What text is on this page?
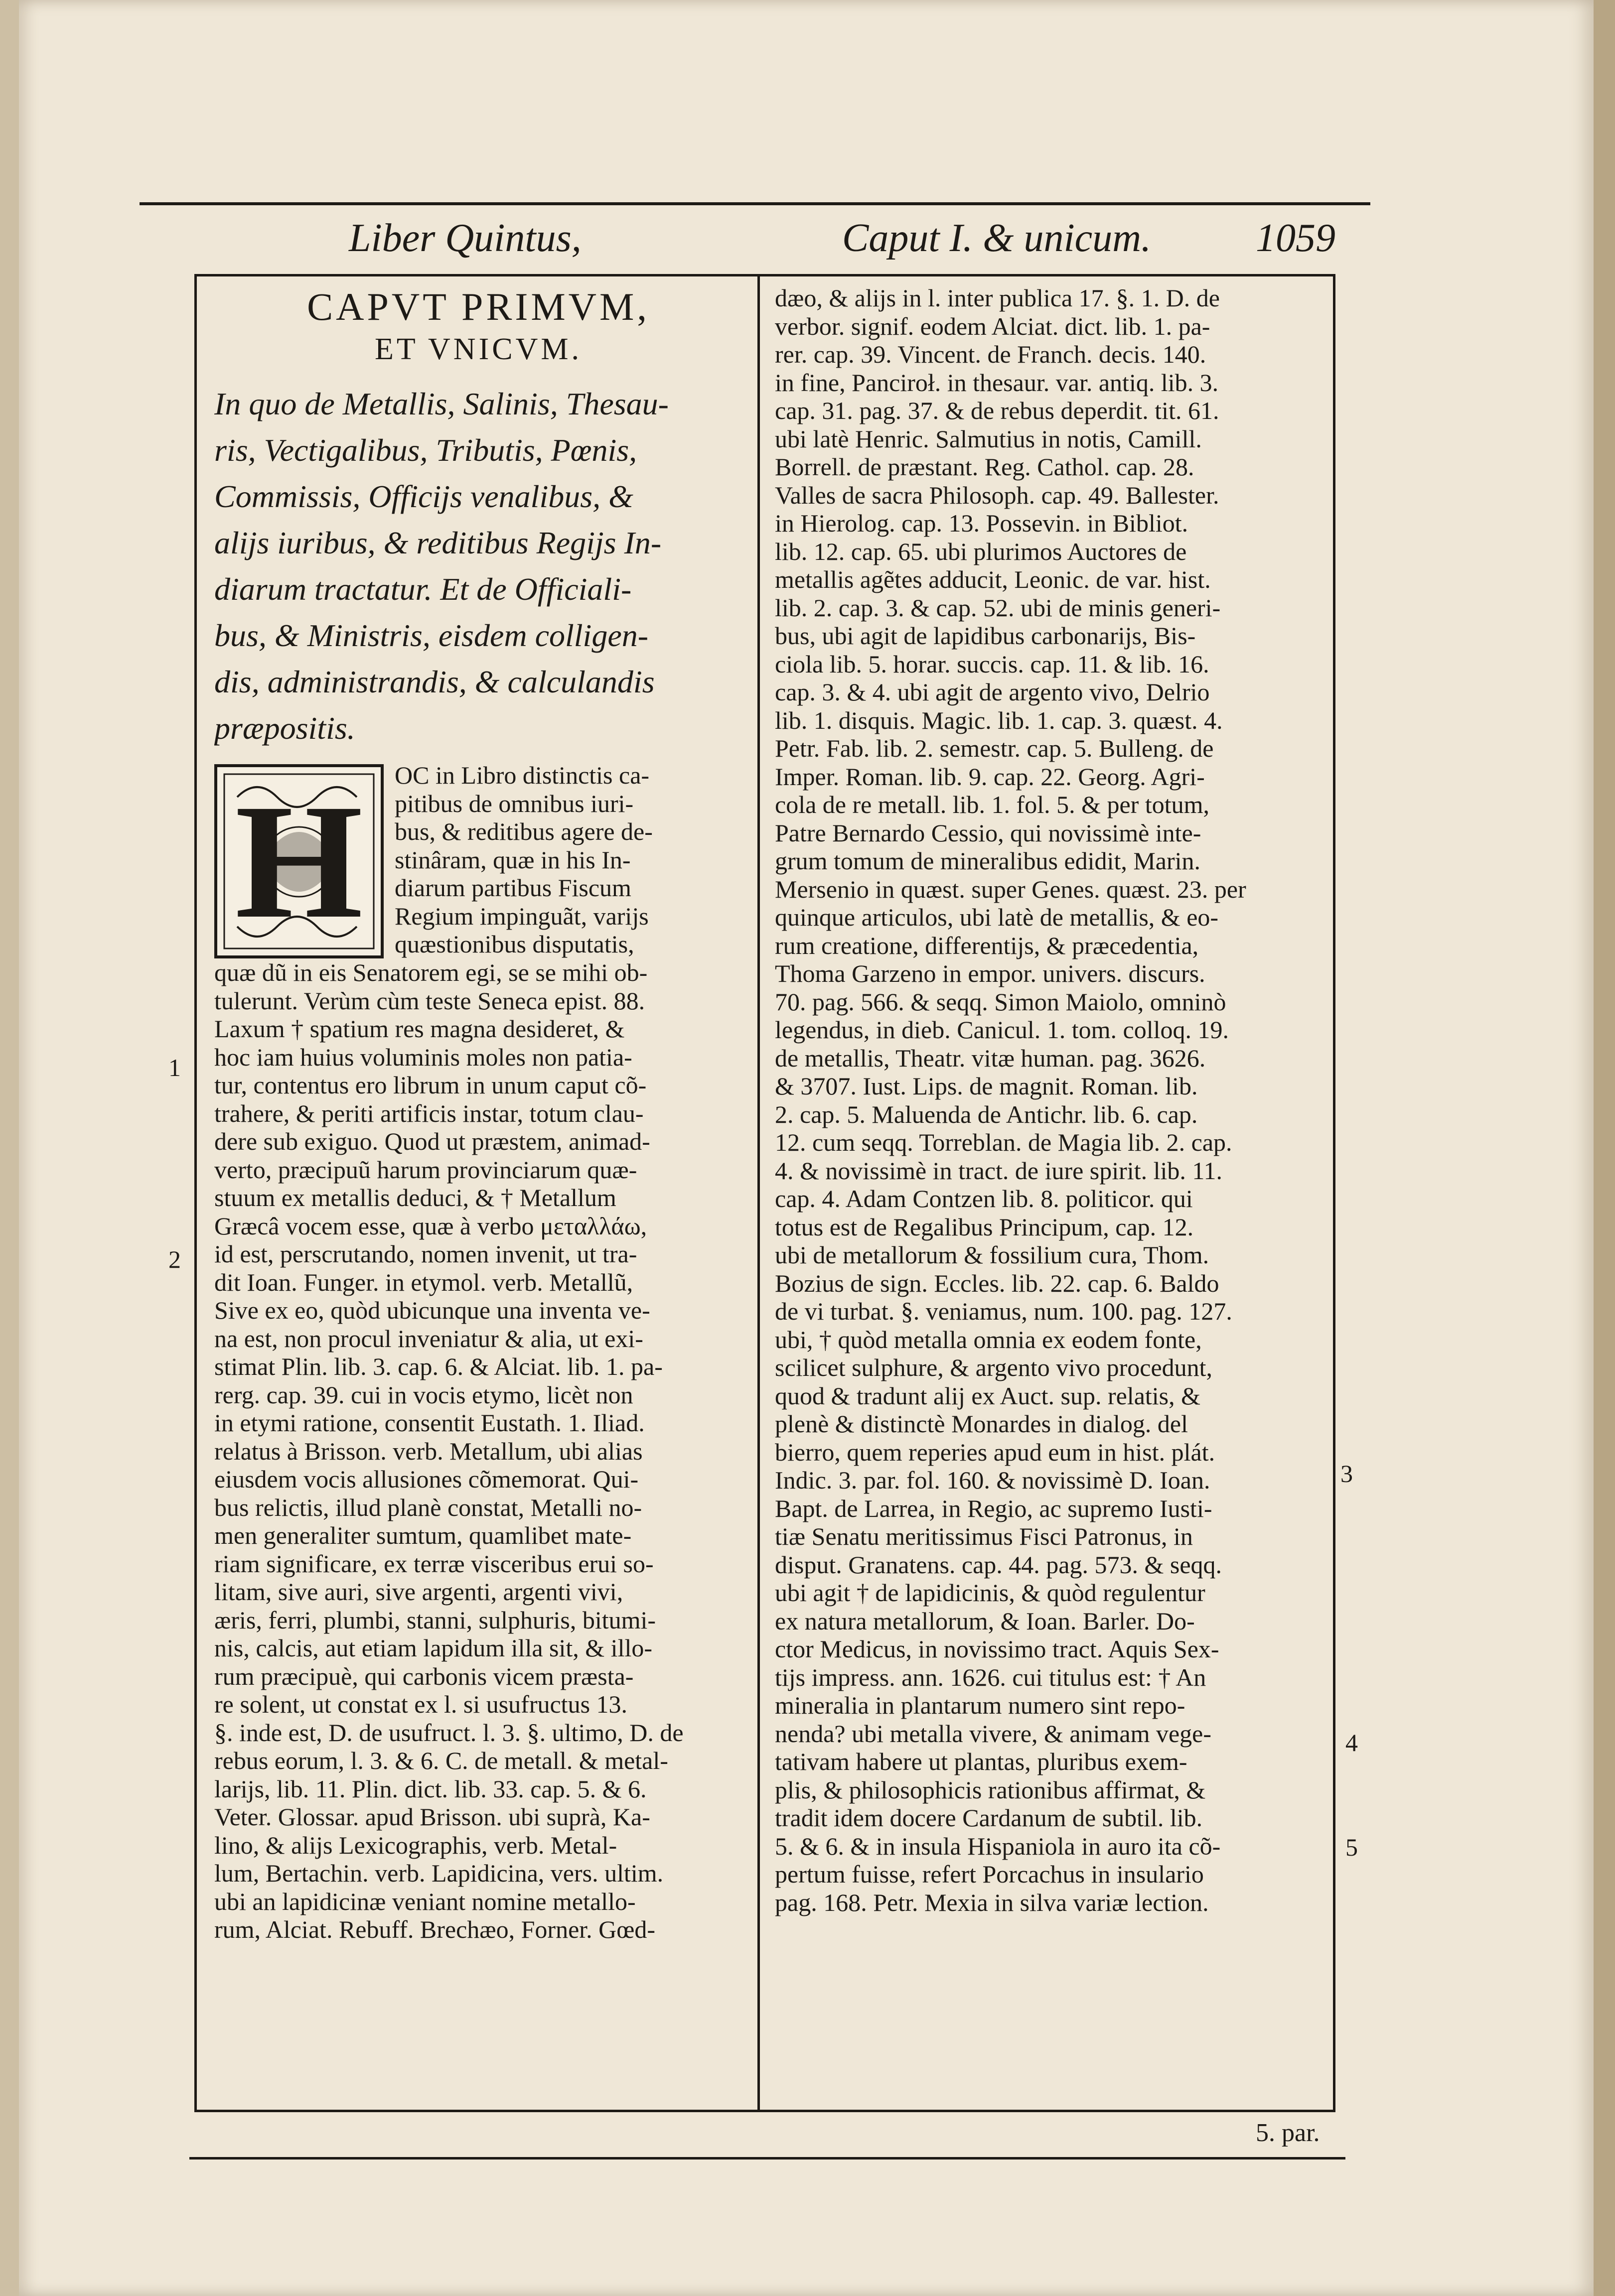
Liber Quintus,	Caput I. & unicum.	1059
CAPVT PRIMVM,
ET VNICVM.
In quo de Metallis, Salinis, Thesau-
ris, Vectigalibus, Tributis, Pœnis,
Commissis, Officijs venalibus, &
alijs iuribus, & reditibus Regijs In-
diarum tractatur. Et de Officiali-
bus, & Ministris, eisdem colligen-
dis, administrandis, & calculandis
præpositis.
H OC in Libro distinctis ca-
pitibus de omnibus iuri-
bus, & reditibus agere de-
stinâram, quæ in his In-
diarum partibus Fiscum
Regium impinguãt, varijs
quæstionibus disputatis,
quæ dũ in eis Senatorem egi, se se mihi ob-
tulerunt. Verùm cùm teste Seneca epist. 88.
Laxum † spatium res magna desideret, &
hoc iam huius voluminis moles non patia-
tur, contentus ero librum in unum caput cõ-
trahere, & periti artificis instar, totum clau-
dere sub exiguo. Quod ut præstem, animad-
verto, præcipuũ harum provinciarum quæ-
stuum ex metallis deduci, & † Metallum
Græcâ vocem esse, quæ à verbo μεταλλάω,
id est, perscrutando, nomen invenit, ut tra-
dit Ioan. Funger. in etymol. verb. Metallũ,
Sive ex eo, quòd ubicunque una inventa ve-
na est, non procul inveniatur & alia, ut exi-
stimat Plin. lib. 3. cap. 6. & Alciat. lib. 1. pa-
rerg. cap. 39. cui in vocis etymo, licèt non
in etymi ratione, consentit Eustath. 1. Iliad.
relatus à Brisson. verb. Metallum, ubi alias
eiusdem vocis allusiones cõmemorat. Qui-
bus relictis, illud planè constat, Metalli no-
men generaliter sumtum, quamlibet mate-
riam significare, ex terræ visceribus erui so-
litam, sive auri, sive argenti, argenti vivi,
æris, ferri, plumbi, stanni, sulphuris, bitumi-
nis, calcis, aut etiam lapidum illa sit, & illo-
rum præcipuè, qui carbonis vicem præsta-
re solent, ut constat ex l. si usufructus 13.
§. inde est, D. de usufruct. l. 3. §. ultimo, D. de
rebus eorum, l. 3. & 6. C. de metall. & metal-
larijs, lib. 11. Plin. dict. lib. 33. cap. 5. & 6.
Veter. Glossar. apud Brisson. ubi suprà, Ka-
lino, & alijs Lexicographis, verb. Metal-
lum, Bertachin. verb. Lapidicina, vers. ultim.
ubi an lapidicinæ veniant nomine metallo-
rum, Alciat. Rebuff. Brechæo, Forner. Gœd-
dæo, & alijs in l. inter publica 17. §. 1. D. de
verbor. signif. eodem Alciat. dict. lib. 1. pa-
rer. cap. 39. Vincent. de Franch. decis. 140.
in fine, Panciroł. in thesaur. var. antiq. lib. 3.
cap. 31. pag. 37. & de rebus deperdit. tit. 61.
ubi latè Henric. Salmutius in notis, Camill.
Borrell. de præstant. Reg. Cathol. cap. 28.
Valles de sacra Philosoph. cap. 49. Ballester.
in Hierolog. cap. 13. Possevin. in Bibliot.
lib. 12. cap. 65. ubi plurimos Auctores de
metallis agẽtes adducit, Leonic. de var. hist.
lib. 2. cap. 3. & cap. 52. ubi de minis generi-
bus, ubi agit de lapidibus carbonarijs, Bis-
ciola lib. 5. horar. succis. cap. 11. & lib. 16.
cap. 3. & 4. ubi agit de argento vivo, Delrio
lib. 1. disquis. Magic. lib. 1. cap. 3. quæst. 4.
Petr. Fab. lib. 2. semestr. cap. 5. Bulleng. de
Imper. Roman. lib. 9. cap. 22. Georg. Agri-
cola de re metall. lib. 1. fol. 5. & per totum,
Patre Bernardo Cessio, qui novissimè inte-
grum tomum de mineralibus edidit, Marin.
Mersenio in quæst. super Genes. quæst. 23. per
quinque articulos, ubi latè de metallis, & eo-
rum creatione, differentijs, & præcedentia,
Thoma Garzeno in empor. univers. discurs.
70. pag. 566. & seqq. Simon Maiolo, omninò
legendus, in dieb. Canicul. 1. tom. colloq. 19.
de metallis, Theatr. vitæ human. pag. 3626.
& 3707. Iust. Lips. de magnit. Roman. lib.
2. cap. 5. Maluenda de Antichr. lib. 6. cap.
12. cum seqq. Torreblan. de Magia lib. 2. cap.
4. & novissimè in tract. de iure spirit. lib. 11.
cap. 4. Adam Contzen lib. 8. politicor. qui
totus est de Regalibus Principum, cap. 12.
ubi de metallorum & fossilium cura, Thom.
Bozius de sign. Eccles. lib. 22. cap. 6. Baldo
de vi turbat. §. veniamus, num. 100. pag. 127.
ubi, † quòd metalla omnia ex eodem fonte,
scilicet sulphure, & argento vivo procedunt,
quod & tradunt alij ex Auct. sup. relatis, &
plenè & distinctè Monardes in dialog. del
bierro, quem reperies apud eum in hist. plát.
Indic. 3. par. fol. 160. & novissimè D. Ioan.
Bapt. de Larrea, in Regio, ac supremo Iusti-
tiæ Senatu meritissimus Fisci Patronus, in
disput. Granatens. cap. 44. pag. 573. & seqq.
ubi agit † de lapidicinis, & quòd regulentur
ex natura metallorum, & Ioan. Barler. Do-
ctor Medicus, in novissimo tract. Aquis Sex-
tijs impress. ann. 1626. cui titulus est: † An
mineralia in plantarum numero sint repo-
nenda? ubi metalla vivere, & animam vege-
tativam habere ut plantas, pluribus exem-
plis, & philosophicis rationibus affirmat, &
tradit idem docere Cardanum de subtil. lib.
5. & 6. & in insula Hispaniola in auro ita cõ-
pertum fuisse, refert Porcachus in insulario
pag. 168. Petr. Mexia in silva variæ lection.
1
2
3
4
5
5. par.
